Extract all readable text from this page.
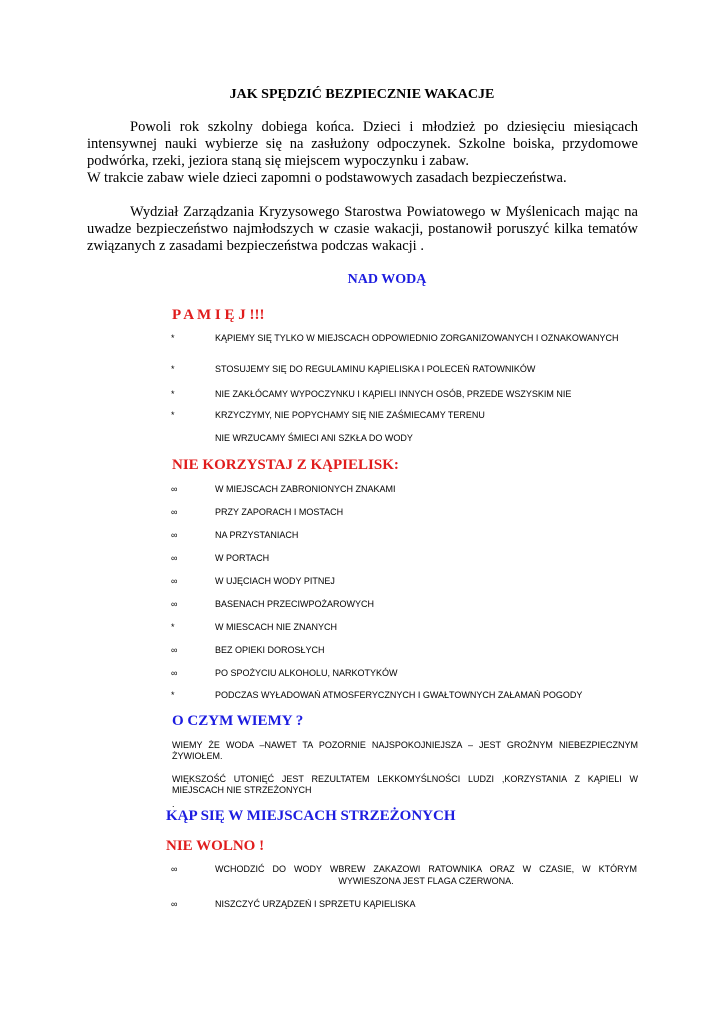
JAK SPĘDZIĆ BEZPIECZNIE WAKACJE

Powoli rok szkolny dobiega końca. Dzieci i młodzież po dziesięciu miesiącach intensywnej nauki wybierze się na zasłużony odpoczynek. Szkolne boiska, przydomowe podwórka, rzeki, jeziora staną się miejscem wypoczynku i zabaw.

W trakcie zabaw wiele dzieci zapomni o podstawowych zasadach bezpieczeństwa.

Wydział Zarządzania Kryzysowego Starostwa Powiatowego w Myślenicach mając na uwadze bezpieczeństwo najmłodszych w czasie wakacji, postanowił poruszyć kilka tematów związanych z zasadami bezpieczeństwa podczas wakacji .

NAD WODĄ
P A M I Ę J !!!
*	KĄPIEMY SIĘ TYLKO W MIEJSCACH ODPOWIEDNIO ZORGANIZOWANYCH I OZNAKOWANYCH
*	STOSUJEMY SIĘ DO REGULAMINU KĄPIELISKA I POLECEŃ RATOWNIKÓW
*	NIE ZAKŁÓCAMY WYPOCZYNKU I KĄPIELI INNYCH OSÓB, PRZEDE WSZYSKIM NIE
*	KRZYCZYMY, NIE POPYCHAMY SIĘ NIE ZAŚMIECAMY TERENU
NIE WRZUCAMY ŚMIECI ANI SZKŁA DO WODY
NIE KORZYSTAJ Z KĄPIELISK:
∞	W MIEJSCACH ZABRONIONYCH ZNAKAMI
∞	PRZY ZAPORACH I MOSTACH
∞	NA PRZYSTANIACH
∞	W PORTACH
∞	W UJĘCIACH WODY PITNEJ
∞	BASENACH PRZECIWPOŻAROWYCH
*	W MIESCACH NIE ZNANYCH
∞	BEZ OPIEKI DOROSŁYCH
∞	PO SPOŻYCIU ALKOHOLU, NARKOTYKÓW
*	PODCZAS WYŁADOWAŃ ATMOSFERYCZNYCH I GWAŁTOWNYCH ZAŁAMAŃ POGODY
O CZYM WIEMY ?
WIEMY ŻE WODA –NAWET TA POZORNIE NAJSPOKOJNIEJSZA – JEST GROŹNYM NIEBEZPIECZNYM ŻYWIOŁEM.
WIĘKSZOŚĆ UTONIĘĆ JEST REZULTATEM LEKKOMYŚLNOŚCI LUDZI ,KORZYSTANIA Z KĄPIELI W MIEJSCACH NIE STRZEŻONYCH
.
KĄP SIĘ W MIEJSCACH STRZEŻONYCH
NIE WOLNO !
∞	WCHODZIĆ DO WODY WBREW ZAKAZOWI RATOWNIKA ORAZ W CZASIE, W KTÓRYM
WYWIESZONA JEST FLAGA CZERWONA.
∞	NISZCZYĆ URZĄDZEŃ I SPRZETU KĄPIELISKA
